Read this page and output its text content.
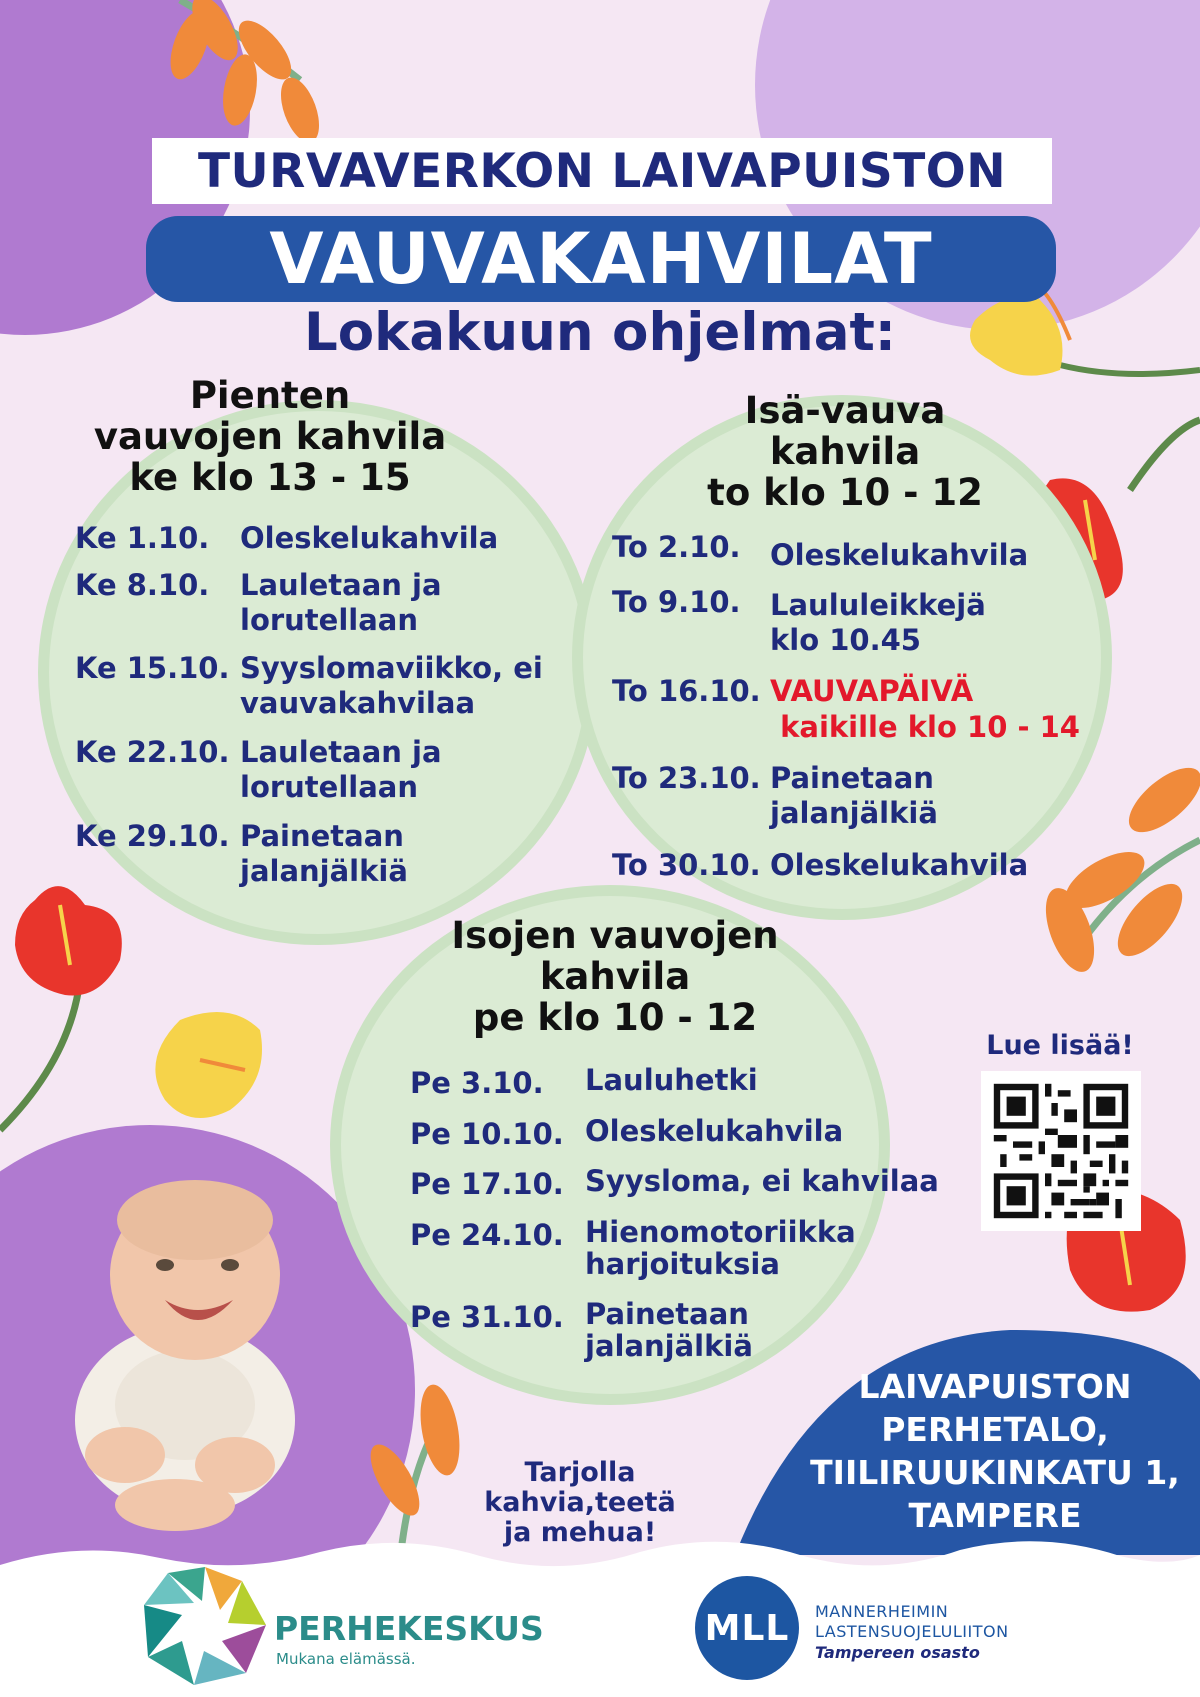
TURVAVERKON LAIVAPUISTON
VAUVAKAHVILAT
Lokakuun ohjelmat:
Pienten
vauvojen kahvila
ke klo 13 - 15
Ke 1.10. Oleskelukahvila
Ke 8.10. Lauletaan ja
lorutellaan
Ke 15.10. Syyslomaviikko, ei
vauvakahvilaa
Ke 22.10. Lauletaan ja
lorutellaan
Ke 29.10. Painetaan
jalanjälkiä
Isä-vauva
kahvila
to klo 10 - 12
To 2.10. Oleskelukahvila
To 9.10. Laululeikkejä
klo 10.45
To 16.10. VAUVAPÄIVÄ
kaikille klo 10 - 14
To 23.10. Painetaan
jalanjälkiä
To 30.10. Oleskelukahvila
Isojen vauvojen
kahvila
pe klo 10 - 12
Pe 3.10. Lauluhetki
Pe 10.10. Oleskelukahvila
Pe 17.10. Syysloma, ei kahvilaa
Pe 24.10. Hienomotoriikka
harjoituksia
Pe 31.10. Painetaan
jalanjälkiä
Lue lisää!
Tarjolla
kahvia,teetä
ja mehua!
LAIVAPUISTON
PERHETALO,
TIILIRUUKINKATU 1,
TAMPERE
PERHEKESKUS
Mukana elämässä.
MLL MANNERHEIMIN
LASTENSUOJELULIITON
Tampereen osasto
